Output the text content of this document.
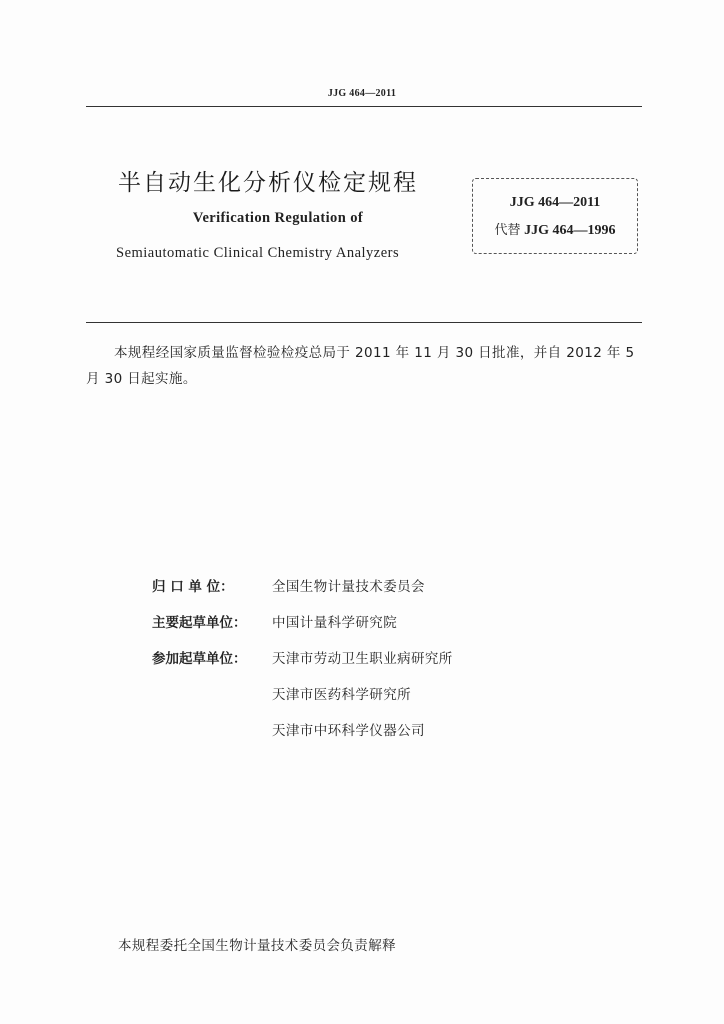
JJG 464—2011
半自动生化分析仪检定规程
Verification Regulation of
Semiautomatic Clinical Chemistry Analyzers
JJG 464—2011
代替 JJG 464—1996
本规程经国家质量监督检验检疫总局于 2011 年 11 月 30 日批准，并自 2012 年 5 月 30 日起实施。
归 口 单 位：	全国生物计量技术委员会
主要起草单位：	中国计量科学研究院
参加起草单位：	天津市劳动卫生职业病研究所
天津市医药科学研究所
天津市中环科学仪器公司
本规程委托全国生物计量技术委员会负责解释
